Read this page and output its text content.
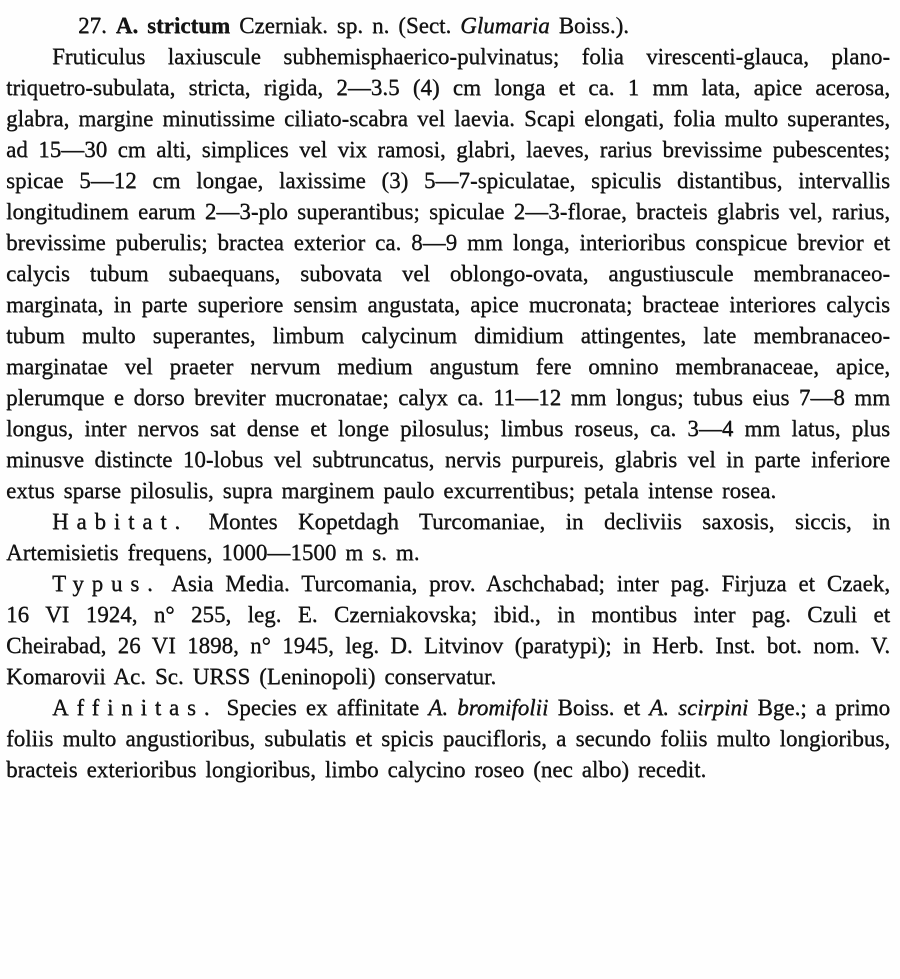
27. A. strictum Czerniak. sp. n. (Sect. Glumaria Boiss.).

Fruticulus laxiuscule subhemisphaerico-pulvinatus; folia virescenti-glauca, plano-triquetro-subulata, stricta, rigida, 2—3.5 (4) cm longa et ca. 1 mm lata, apice acerosa, glabra, margine minutissime ciliato-scabra vel laevia. Scapi elongati, folia multo superantes, ad 15—30 cm alti, simplices vel vix ramosi, glabri, laeves, rarius brevissime pubescentes; spicae 5—12 cm longae, laxissime (3) 5—7-spiculatae, spiculis distantibus, intervallis longitudinem earum 2—3-plo superantibus; spiculae 2—3-florae, bracteis glabris vel, rarius, brevissime puberulis; bractea exterior ca. 8—9 mm longa, interioribus conspicue brevior et calycis tubum subaequans, subovata vel oblongo-ovata, angustiuscule membranaceo-marginata, in parte superiore sensim angustata, apice mucronata; bracteae interiores calycis tubum multo superantes, limbum calycinum dimidium attingentes, late membranaceo-marginatae vel praeter nervum medium angustum fere omnino membranaceae, apice, plerumque e dorso breviter mucronatae; calyx ca. 11—12 mm longus; tubus eius 7—8 mm longus, inter nervos sat dense et longe pilosulus; limbus roseus, ca. 3—4 mm latus, plus minusve distincte 10-lobus vel subtruncatus, nervis purpureis, glabris vel in parte inferiore extus sparse pilosulis, supra marginem paulo excurrentibus; petala intense rosea.

Habitat. Montes Kopetdagh Turcomaniae, in decliviis saxosis, siccis, in Artemisietis frequens, 1000—1500 m s. m.

Typus. Asia Media. Turcomania, prov. Aschchabad; inter pag. Firjuza et Czaek, 16 VI 1924, n° 255, leg. E. Czerniakovska; ibid., in montibus inter pag. Czuli et Cheirabad, 26 VI 1898, n° 1945, leg. D. Litvinov (paratypi); in Herb. Inst. bot. nom. V. Komarovii Ac. Sc. URSS (Leninopoli) conservatur.

Affinitas. Species ex affinitate A. bromifolii Boiss. et A. scirpini Bge.; a primo foliis multo angustioribus, subulatis et spicis paucifloris, a secundo foliis multo longioribus, bracteis exterioribus longioribus, limbo calycino roseo (nec albo) recedit.
